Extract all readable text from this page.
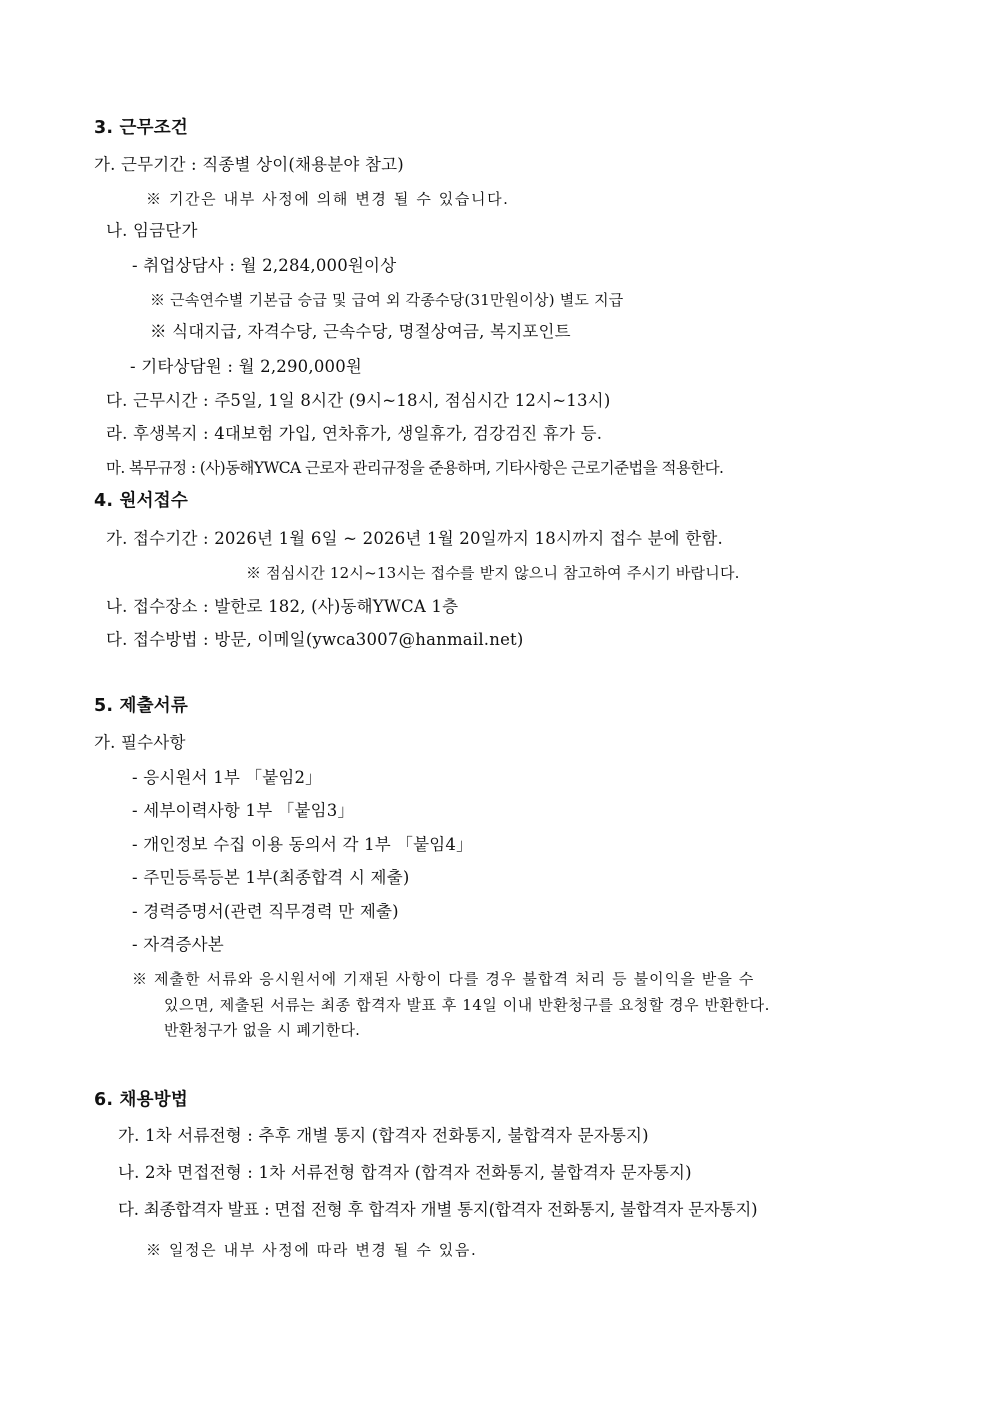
3. 근무조건
가. 근무기간 : 직종별 상이(채용분야 참고)
※ 기간은 내부 사정에 의해 변경 될 수 있습니다.
나. 임금단가
- 취업상담사 : 월 2,284,000원이상
※ 근속연수별 기본급 승급 및 급여 외 각종수당(31만원이상) 별도 지급
※ 식대지급, 자격수당, 근속수당, 명절상여금, 복지포인트
- 기타상담원 : 월 2,290,000원
다. 근무시간 : 주5일, 1일 8시간 (9시~18시, 점심시간 12시~13시)
라. 후생복지 : 4대보험 가입, 연차휴가, 생일휴가, 검강검진 휴가 등.
마. 복무규정 : (사)동해YWCA 근로자 관리규정을 준용하며, 기타사항은 근로기준법을 적용한다.
4. 원서접수
가. 접수기간 : 2026년 1월 6일 ~ 2026년 1월 20일까지 18시까지 접수 분에 한함.
※ 점심시간 12시~13시는 접수를 받지 않으니 참고하여 주시기 바랍니다.
나. 접수장소 : 발한로 182, (사)동해YWCA 1층
다. 접수방법 : 방문, 이메일(ywca3007@hanmail.net)
5. 제출서류
가. 필수사항
- 응시원서 1부 「붙임2」
- 세부이력사항 1부 「붙임3」
- 개인정보 수집 이용 동의서 각 1부 「붙임4」
- 주민등록등본 1부(최종합격 시 제출)
- 경력증명서(관련 직무경력 만 제출)
- 자격증사본
※ 제출한 서류와 응시원서에 기재된 사항이 다를 경우 불합격 처리 등 불이익을 받을 수
있으면, 제출된 서류는 최종 합격자 발표 후 14일 이내 반환청구를 요청할 경우 반환한다.
반환청구가 없을 시 폐기한다.
6. 채용방법
가. 1차 서류전형 : 추후 개별 통지 (합격자 전화통지, 불합격자 문자통지)
나. 2차 면접전형 : 1차 서류전형 합격자 (합격자 전화통지, 불합격자 문자통지)
다. 최종합격자 발표 : 면접 전형 후 합격자 개별 통지(합격자 전화통지, 불합격자 문자통지)
※ 일정은 내부 사정에 따라 변경 될 수 있음.
